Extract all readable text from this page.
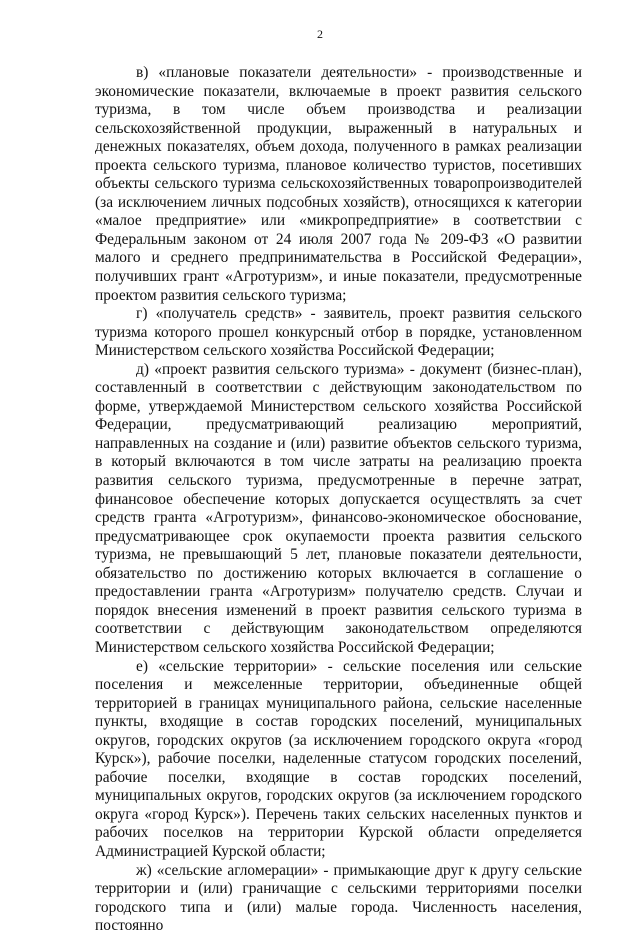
2

в) «плановые показатели деятельности» - производственные и экономические показатели, включаемые в проект развития сельского туризма, в том числе объем производства и реализации сельскохозяйственной продукции, выраженный в натуральных и денежных показателях, объем дохода, полученного в рамках реализации проекта сельского туризма, плановое количество туристов, посетивших объекты сельского туризма сельскохозяйственных товаропроизводителей (за исключением личных подсобных хозяйств), относящихся к категории «малое предприятие» или «микропредприятие» в соответствии с Федеральным законом от 24 июля 2007 года № 209-ФЗ «О развитии малого и среднего предпринимательства в Российской Федерации», получивших грант «Агротуризм», и иные показатели, предусмотренные проектом развития сельского туризма;

г) «получатель средств» - заявитель, проект развития сельского туризма которого прошел конкурсный отбор в порядке, установленном Министерством сельского хозяйства Российской Федерации;

д) «проект развития сельского туризма» - документ (бизнес-план), составленный в соответствии с действующим законодательством по форме, утверждаемой Министерством сельского хозяйства Российской Федерации, предусматривающий реализацию мероприятий, направленных на создание и (или) развитие объектов сельского туризма, в который включаются в том числе затраты на реализацию проекта развития сельского туризма, предусмотренные в перечне затрат, финансовое обеспечение которых допускается осуществлять за счет средств гранта «Агротуризм», финансово-экономическое обоснование, предусматривающее срок окупаемости проекта развития сельского туризма, не превышающий 5 лет, плановые показатели деятельности, обязательство по достижению которых включается в соглашение о предоставлении гранта «Агротуризм» получателю средств. Случаи и порядок внесения изменений в проект развития сельского туризма в соответствии с действующим законодательством определяются Министерством сельского хозяйства Российской Федерации;

е) «сельские территории» - сельские поселения или сельские поселения и межселенные территории, объединенные общей территорией в границах муниципального района, сельские населенные пункты, входящие в состав городских поселений, муниципальных округов, городских округов (за исключением городского округа «город Курск»), рабочие поселки, наделенные статусом городских поселений, рабочие поселки, входящие в состав городских поселений, муниципальных округов, городских округов (за исключением городского округа «город Курск»). Перечень таких сельских населенных пунктов и рабочих поселков на территории Курской области определяется Администрацией Курской области;

ж) «сельские агломерации» - примыкающие друг к другу сельские территории и (или) граничащие с сельскими территориями поселки городского типа и (или) малые города. Численность населения, постоянно
